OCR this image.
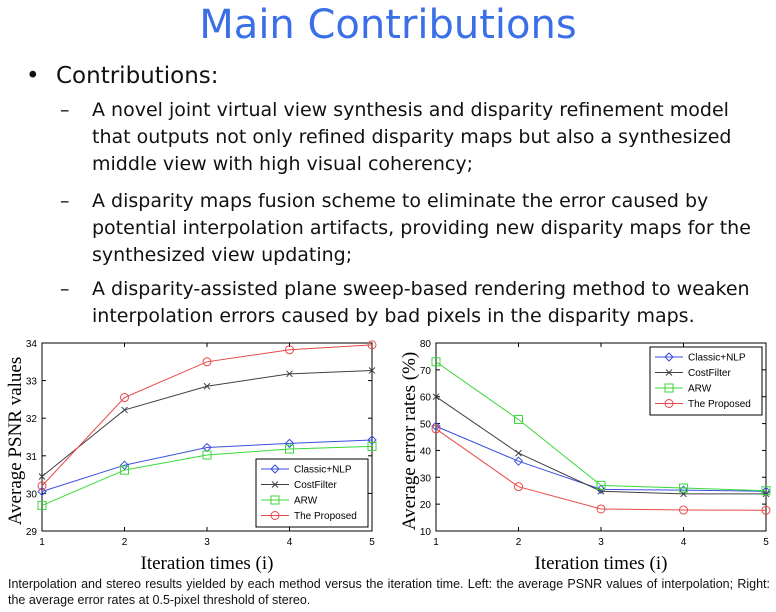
Main Contributions
• Contributions:
– A novel joint virtual view synthesis and disparity refinement model that outputs not only refined disparity maps but also a synthesized middle view with high visual coherency;
– A disparity maps fusion scheme to eliminate the error caused by potential interpolation artifacts, providing new disparity maps for the synthesized view updating;
– A disparity-assisted plane sweep-based rendering method to weaken interpolation errors caused by bad pixels in the disparity maps.
29
30
31
32
33
34
1	2	3	4	5
Iteration times (i)
Average PSNR values	Classic+NLP
CostFilter
ARW
The Proposed
10
20
30
40
50
60
70
80
1	2	3	4	5
Iteration times (i)
Average error rates (%)	Classic+NLP
CostFilter
ARW
The Proposed
Interpolation and stereo results yielded by each method versus the iteration time. Left: the average PSNR values of interpolation; Right: the average error rates at 0.5-pixel threshold of stereo.
